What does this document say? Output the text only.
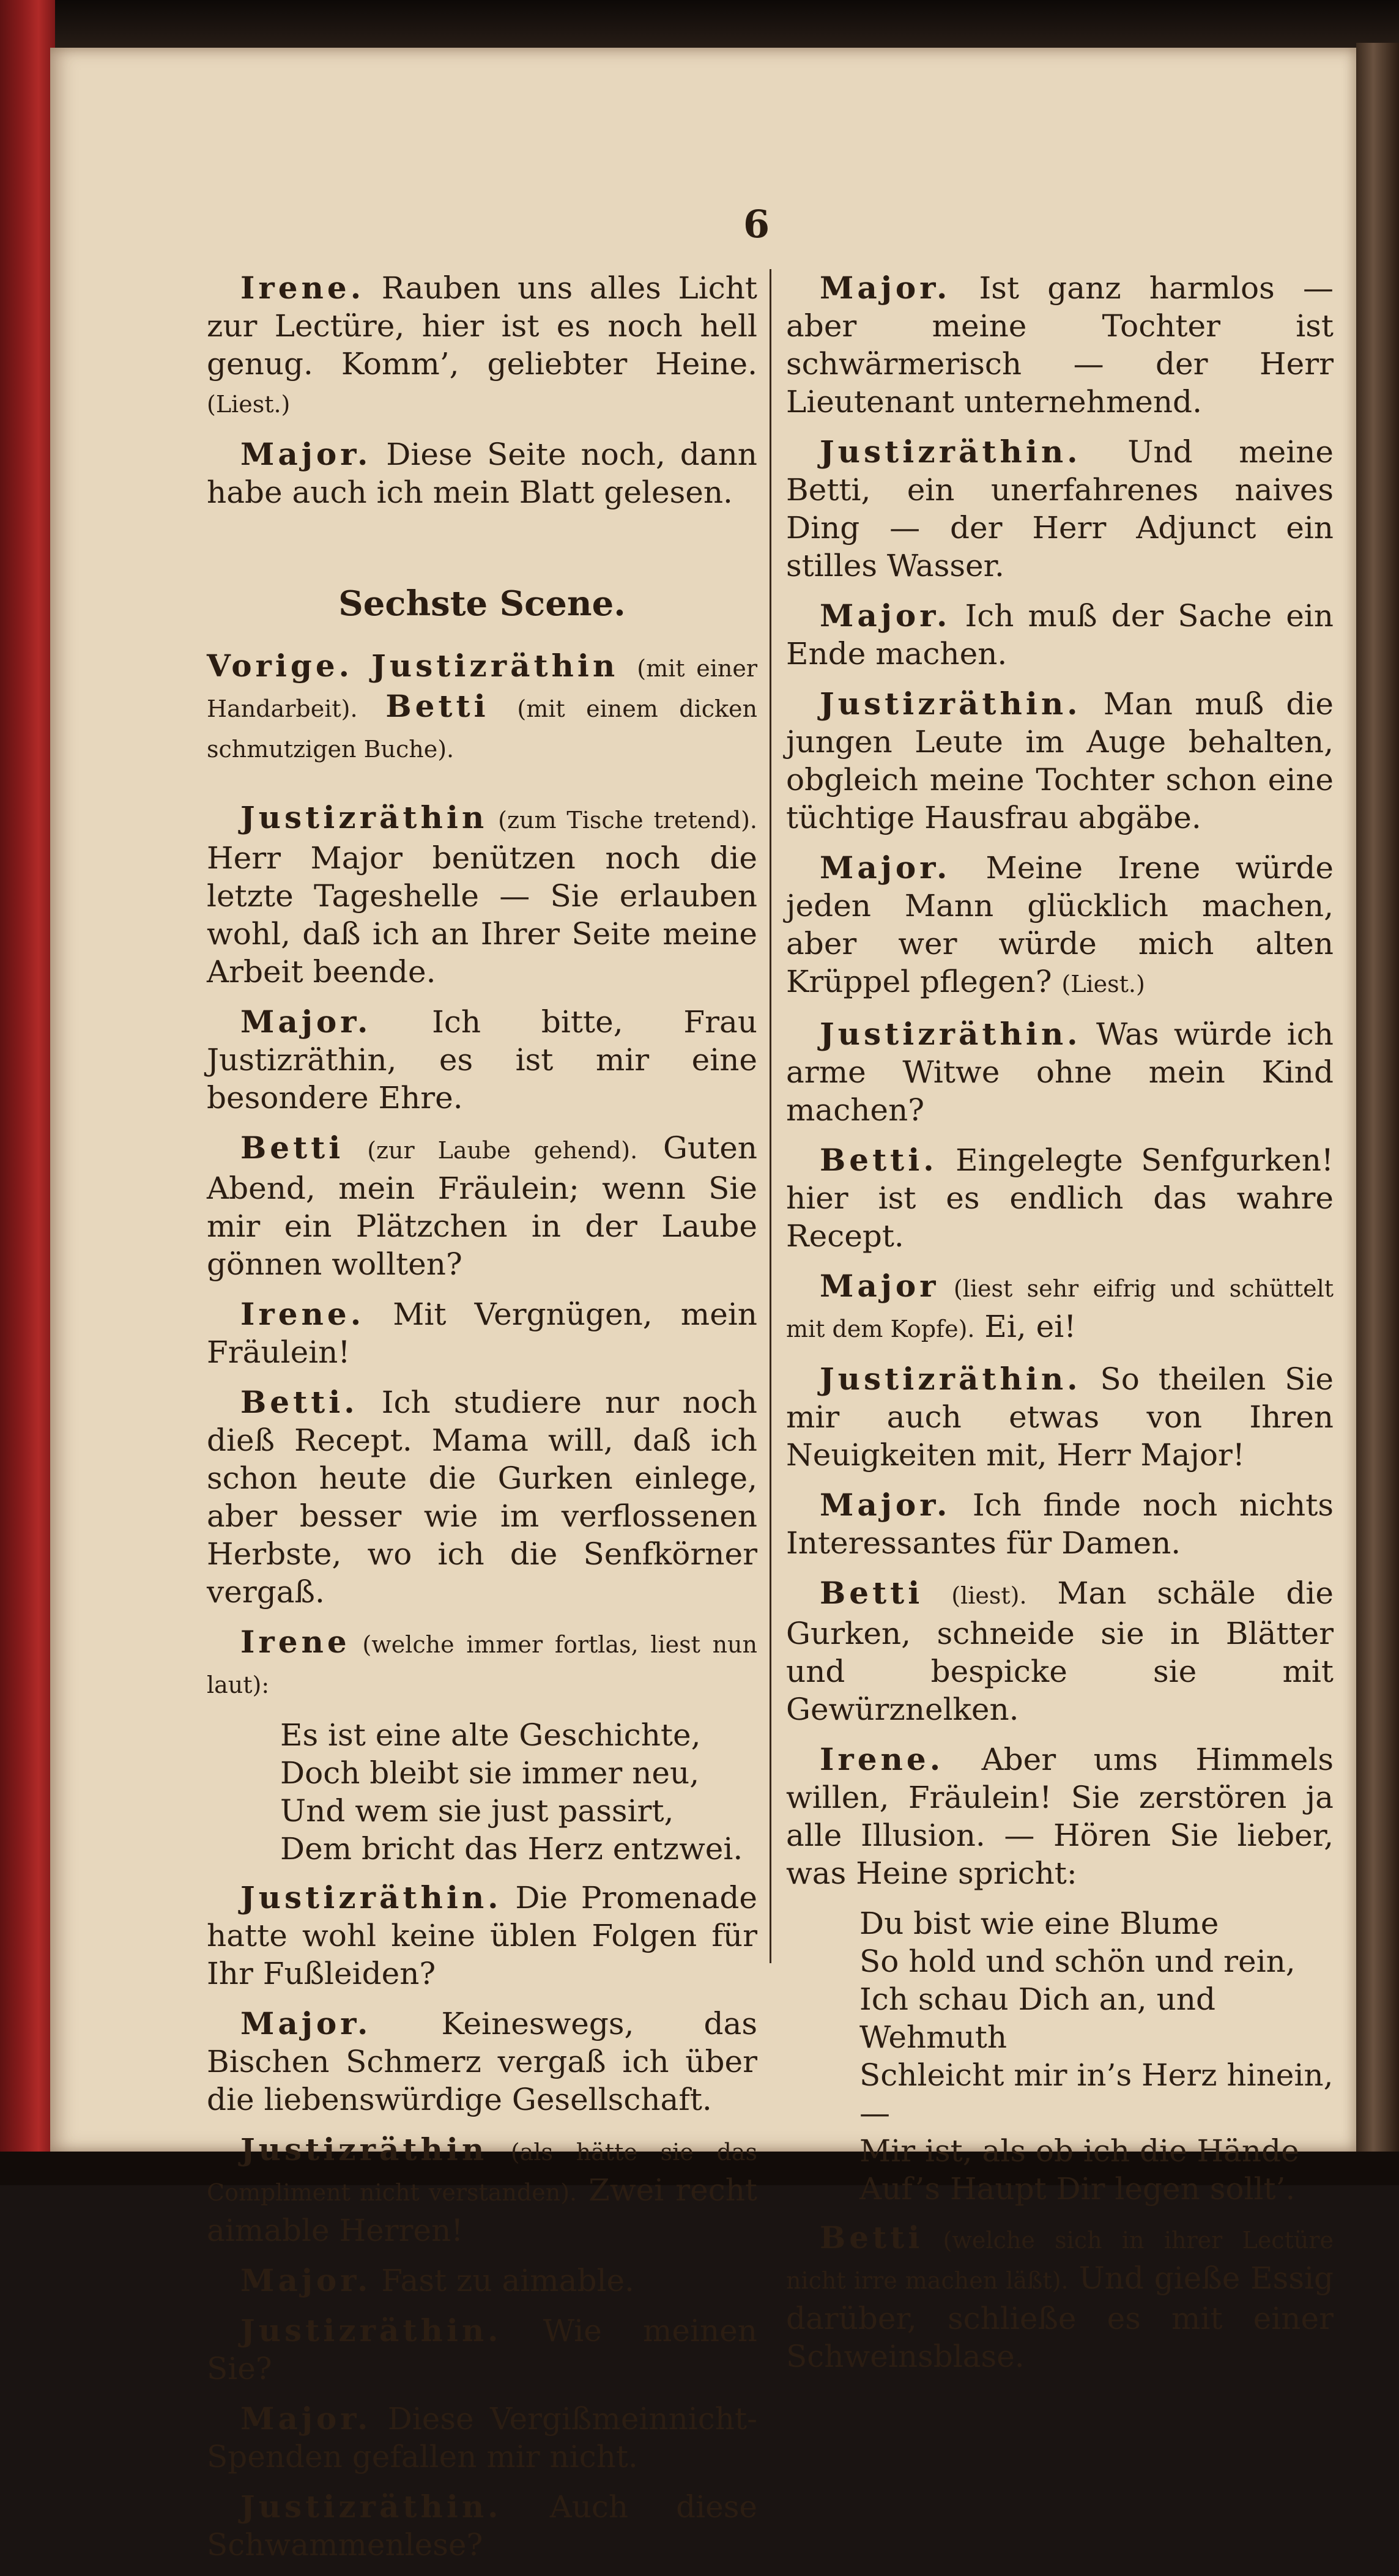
6

Irene. Rauben uns alles Licht zur Lectüre, hier ist es noch hell genug. Komm’, geliebter Heine. (Liest.)

Major. Diese Seite noch, dann habe auch ich mein Blatt gelesen.

Sechste Scene.

Vorige. Justizräthin (mit einer Handarbeit). Betti (mit einem dicken schmutzigen Buche).

Justizräthin (zum Tische tretend). Herr Major benützen noch die letzte Tageshelle — Sie erlauben wohl, daß ich an Ihrer Seite meine Arbeit beende.

Major. Ich bitte, Frau Justizräthin, es ist mir eine besondere Ehre.

Betti (zur Laube gehend). Guten Abend, mein Fräulein; wenn Sie mir ein Plätzchen in der Laube gönnen wollten?

Irene. Mit Vergnügen, mein Fräulein!

Betti. Ich studiere nur noch dieß Recept. Mama will, daß ich schon heute die Gurken einlege, aber besser wie im verflossenen Herbste, wo ich die Senfkörner vergaß.

Irene (welche immer fortlas, liest nun laut):

Es ist eine alte Geschichte,
Doch bleibt sie immer neu,
Und wem sie just passirt,
Dem bricht das Herz entzwei.

Justizräthin. Die Promenade hatte wohl keine üblen Folgen für Ihr Fußleiden?

Major. Keineswegs, das Bischen Schmerz vergaß ich über die liebenswürdige Gesellschaft.

Justizräthin (als hätte sie das Compliment nicht verstanden). Zwei recht aimable Herren!

Major. Fast zu aimable.

Justizräthin. Wie meinen Sie?

Major. Diese Vergißmeinnicht-Spenden gefallen mir nicht.

Justizräthin. Auch diese Schwammenlese?

Major. Ist ganz harmlos — aber meine Tochter ist schwärmerisch — der Herr Lieutenant unternehmend.

Justizräthin. Und meine Betti, ein unerfahrenes naives Ding — der Herr Adjunct ein stilles Wasser.

Major. Ich muß der Sache ein Ende machen.

Justizräthin. Man muß die jungen Leute im Auge behalten, obgleich meine Tochter schon eine tüchtige Hausfrau abgäbe.

Major. Meine Irene würde jeden Mann glücklich machen, aber wer würde mich alten Krüppel pflegen? (Liest.)

Justizräthin. Was würde ich arme Witwe ohne mein Kind machen?

Betti. Eingelegte Senfgurken! hier ist es endlich das wahre Recept.

Major (liest sehr eifrig und schüttelt mit dem Kopfe). Ei, ei!

Justizräthin. So theilen Sie mir auch etwas von Ihren Neuigkeiten mit, Herr Major!

Major. Ich finde noch nichts Interessantes für Damen.

Betti (liest). Man schäle die Gurken, schneide sie in Blätter und bespicke sie mit Gewürznelken.

Irene. Aber ums Himmels willen, Fräulein! Sie zerstören ja alle Illusion. — Hören Sie lieber, was Heine spricht:

Du bist wie eine Blume
So hold und schön und rein,
Ich schau Dich an, und Wehmuth
Schleicht mir in’s Herz hinein, —
Mir ist, als ob ich die Hände
Auf’s Haupt Dir legen sollt’.

Betti (welche sich in ihrer Lectüre nicht irre machen läßt). Und gieße Essig darüber, schließe es mit einer Schweinsblase.
